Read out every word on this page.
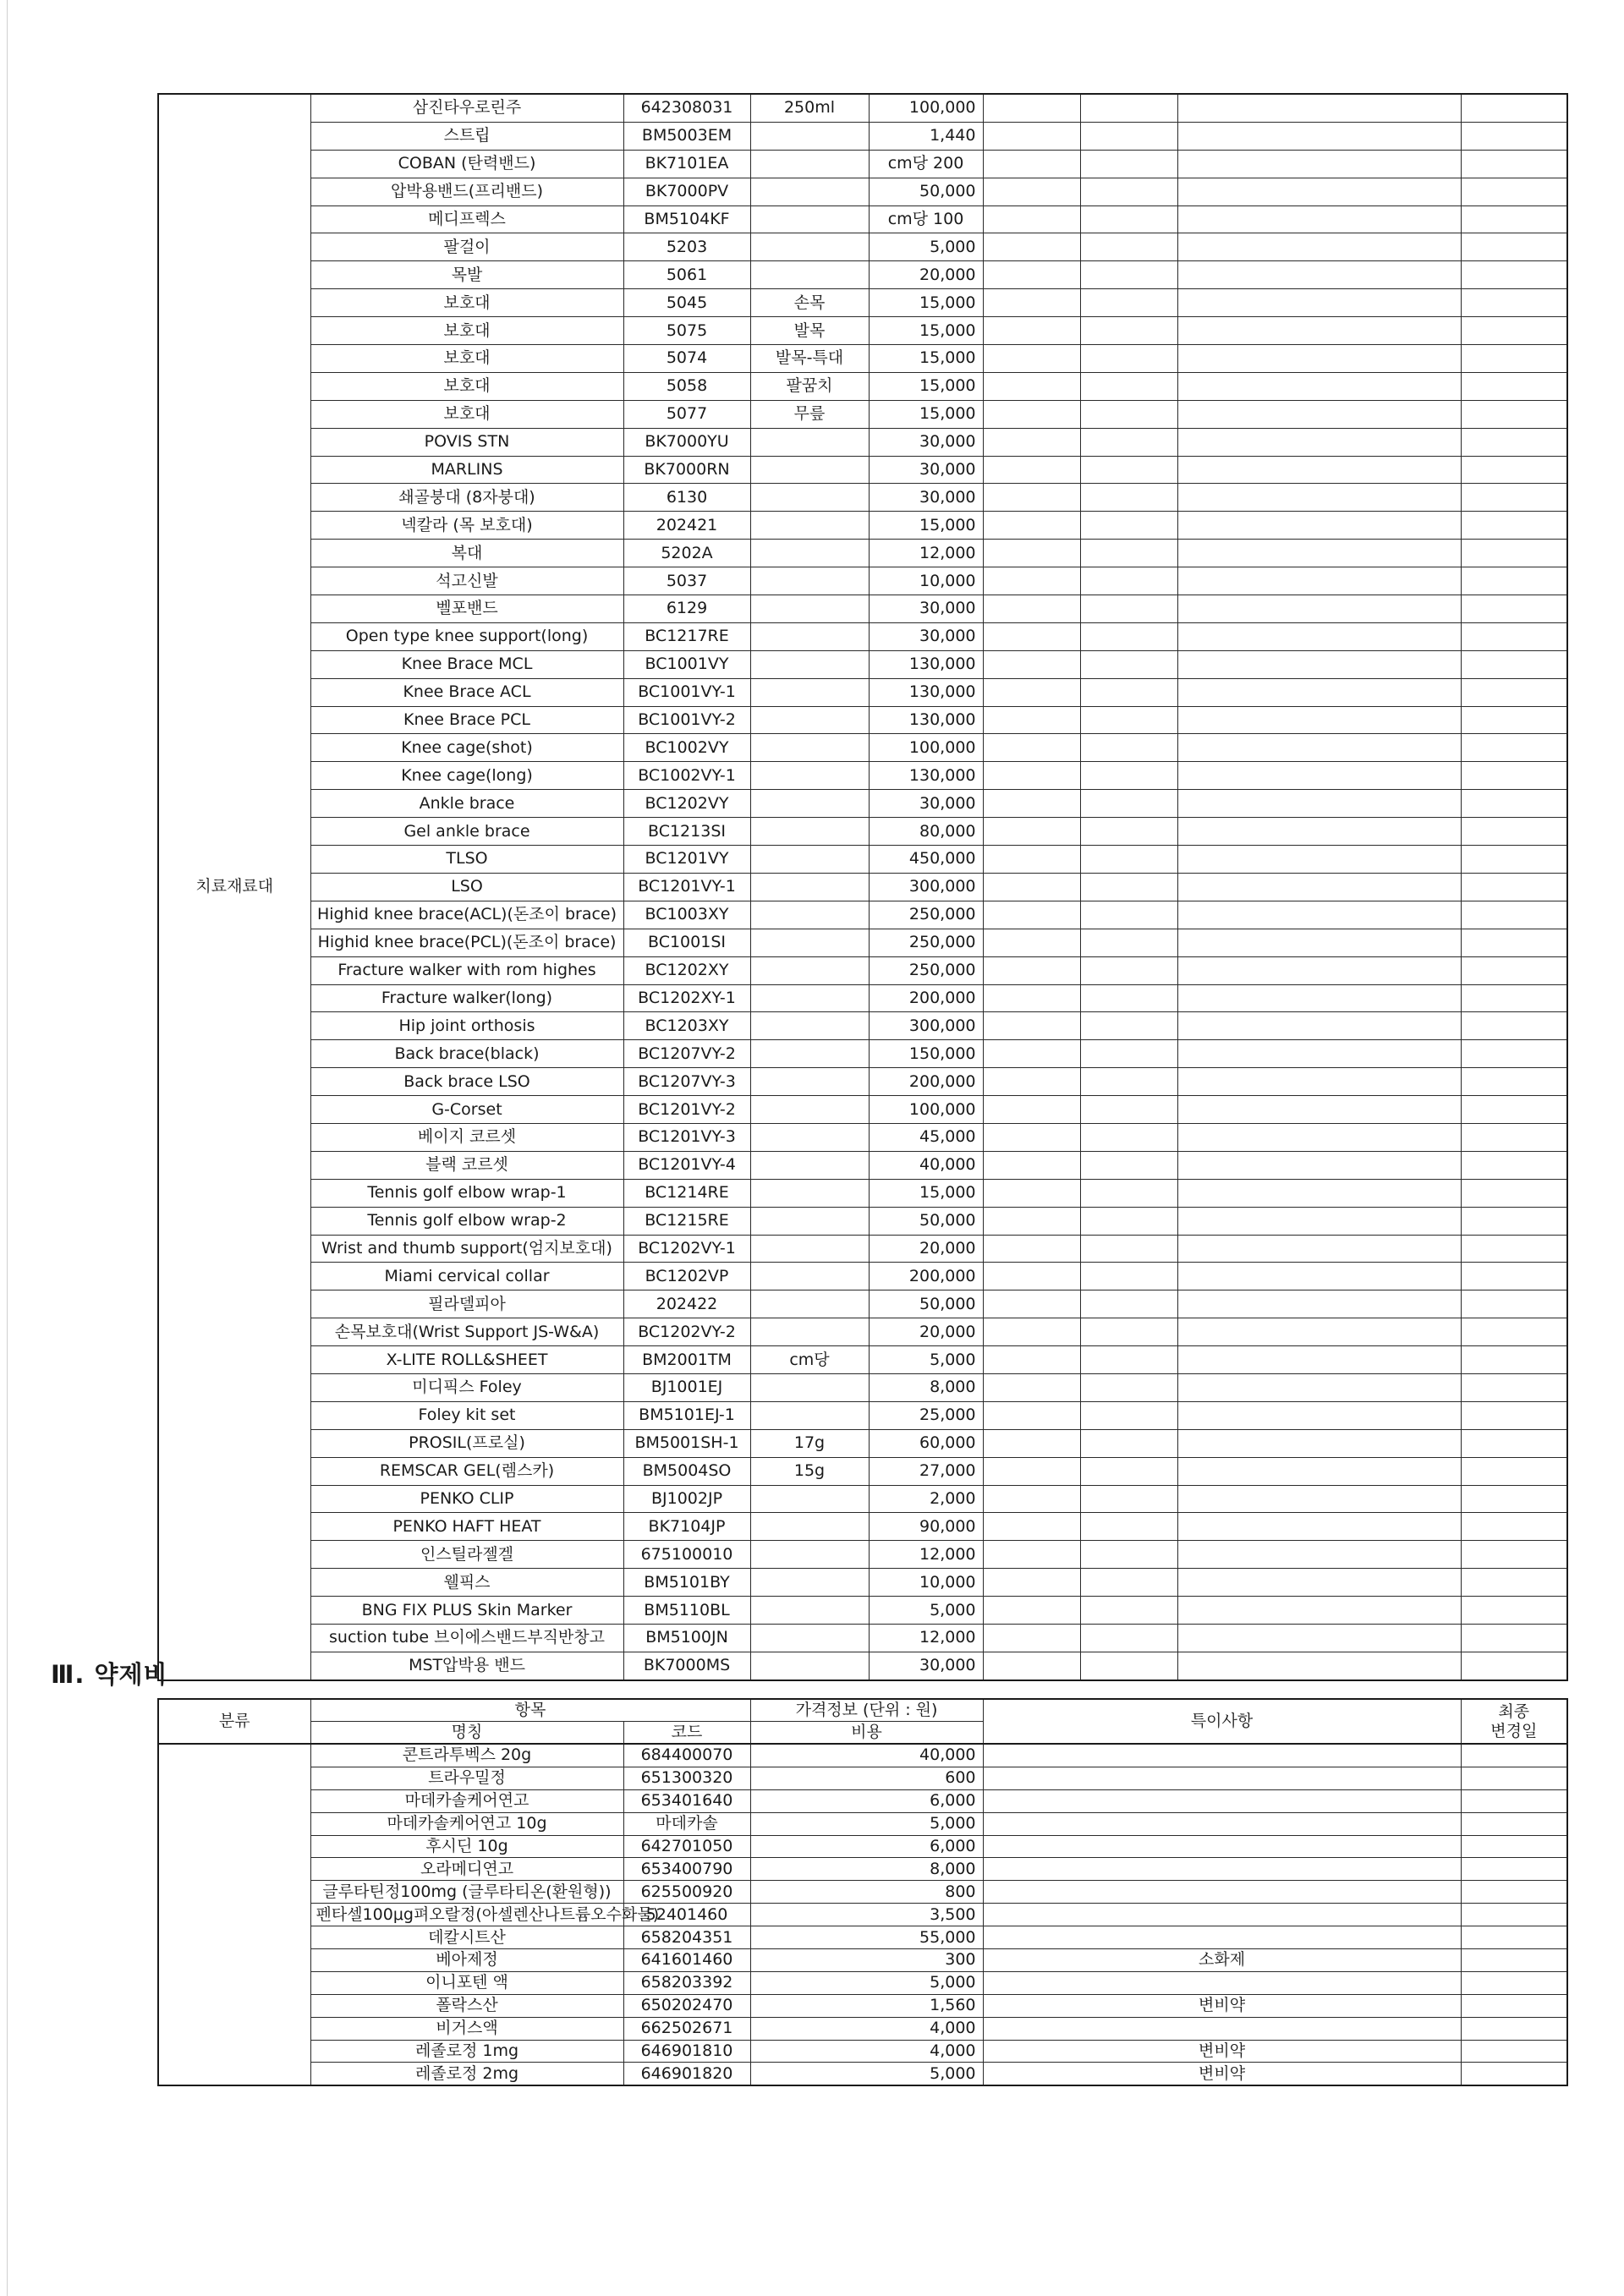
치료재료대	삼진타우로린주	642308031	250ml	100,000				
	스트립	BM5003EM		1,440				
	COBAN (탄력밴드)	BK7101EA		cm당 200				
	압박용밴드(프리밴드)	BK7000PV		50,000				
	메디프렉스	BM5104KF		cm당 100				
	팔걸이	5203		5,000				
	목발	5061		20,000				
	보호대	5045	손목	15,000				
	보호대	5075	발목	15,000				
	보호대	5074	발목-특대	15,000				
	보호대	5058	팔꿈치	15,000				
	보호대	5077	무릎	15,000				
	POVIS STN	BK7000YU		30,000				
	MARLINS	BK7000RN		30,000				
	쇄골붕대 (8자붕대)	6130		30,000				
	넥칼라 (목 보호대)	202421		15,000				
	복대	5202A		12,000				
	석고신발	5037		10,000				
	벨포밴드	6129		30,000				
	Open type knee support(long)	BC1217RE		30,000				
	Knee Brace MCL	BC1001VY		130,000				
	Knee Brace ACL	BC1001VY-1		130,000				
	Knee Brace PCL	BC1001VY-2		130,000				
	Knee cage(shot)	BC1002VY		100,000				
	Knee cage(long)	BC1002VY-1		130,000				
	Ankle brace	BC1202VY		30,000				
	Gel ankle brace	BC1213SI		80,000				
	TLSO	BC1201VY		450,000				
	LSO	BC1201VY-1		300,000				
	Highid knee brace(ACL)(돈조이 brace)	BC1003XY		250,000				
	Highid knee brace(PCL)(돈조이 brace)	BC1001SI		250,000				
	Fracture walker with rom highes	BC1202XY		250,000				
	Fracture walker(long)	BC1202XY-1		200,000				
	Hip joint orthosis	BC1203XY		300,000				
	Back brace(black)	BC1207VY-2		150,000				
	Back brace LSO	BC1207VY-3		200,000				
	G-Corset	BC1201VY-2		100,000				
	베이지 코르셋	BC1201VY-3		45,000				
	블랙 코르셋	BC1201VY-4		40,000				
	Tennis golf elbow wrap-1	BC1214RE		15,000				
	Tennis golf elbow wrap-2	BC1215RE		50,000				
	Wrist and thumb support(엄지보호대)	BC1202VY-1		20,000				
	Miami cervical collar	BC1202VP		200,000				
	필라델피아	202422		50,000				
	손목보호대(Wrist Support JS-W&A)	BC1202VY-2		20,000				
	X-LITE ROLL&SHEET	BM2001TM	cm당	5,000				
	미디픽스 Foley	BJ1001EJ		8,000				
	Foley kit set	BM5101EJ-1		25,000				
	PROSIL(프로실)	BM5001SH-1	17g	60,000				
	REMSCAR GEL(렘스카)	BM5004SO	15g	27,000				
	PENKO CLIP	BJ1002JP		2,000				
	PENKO HAFT HEAT	BK7104JP		90,000				
	인스틸라젤겔	675100010		12,000				
	웰픽스	BM5101BY		10,000				
	BNG FIX PLUS Skin Marker	BM5110BL		5,000				
	suction tube 브이에스밴드부직반창고	BM5100JN		12,000				
	MST압박용 밴드	BK7000MS		30,000				
Ⅲ. 약제비
분류	항목		가격정보 (단위 : 원)	특이사항	최종
변경일

	명칭	코드	비용		
	콘트라투벡스 20g	684400070	40,000		
	트라우밀정	651300320	600		
	마데카솔케어연고	653401640	6,000		
	마데카솔케어연고 10g	마데카솔	5,000		
	후시딘 10g	642701050	6,000		
	오라메디연고	653400790	8,000		
	글루타틴정100mg (글루타티온(환원형))	625500920	800		
	펜타셀100μg펴오랄정(아셀렌산나트륨오수화물)	52401460	3,500		
	데칼시트산	658204351	55,000		
	베아제정	641601460	300	소화제	
	이니포텐 액	658203392	5,000		
	폴락스산	650202470	1,560	변비약	
	비거스액	662502671	4,000		
	레졸로정 1mg	646901810	4,000	변비약	
	레졸로정 2mg	646901820	5,000	변비약	
